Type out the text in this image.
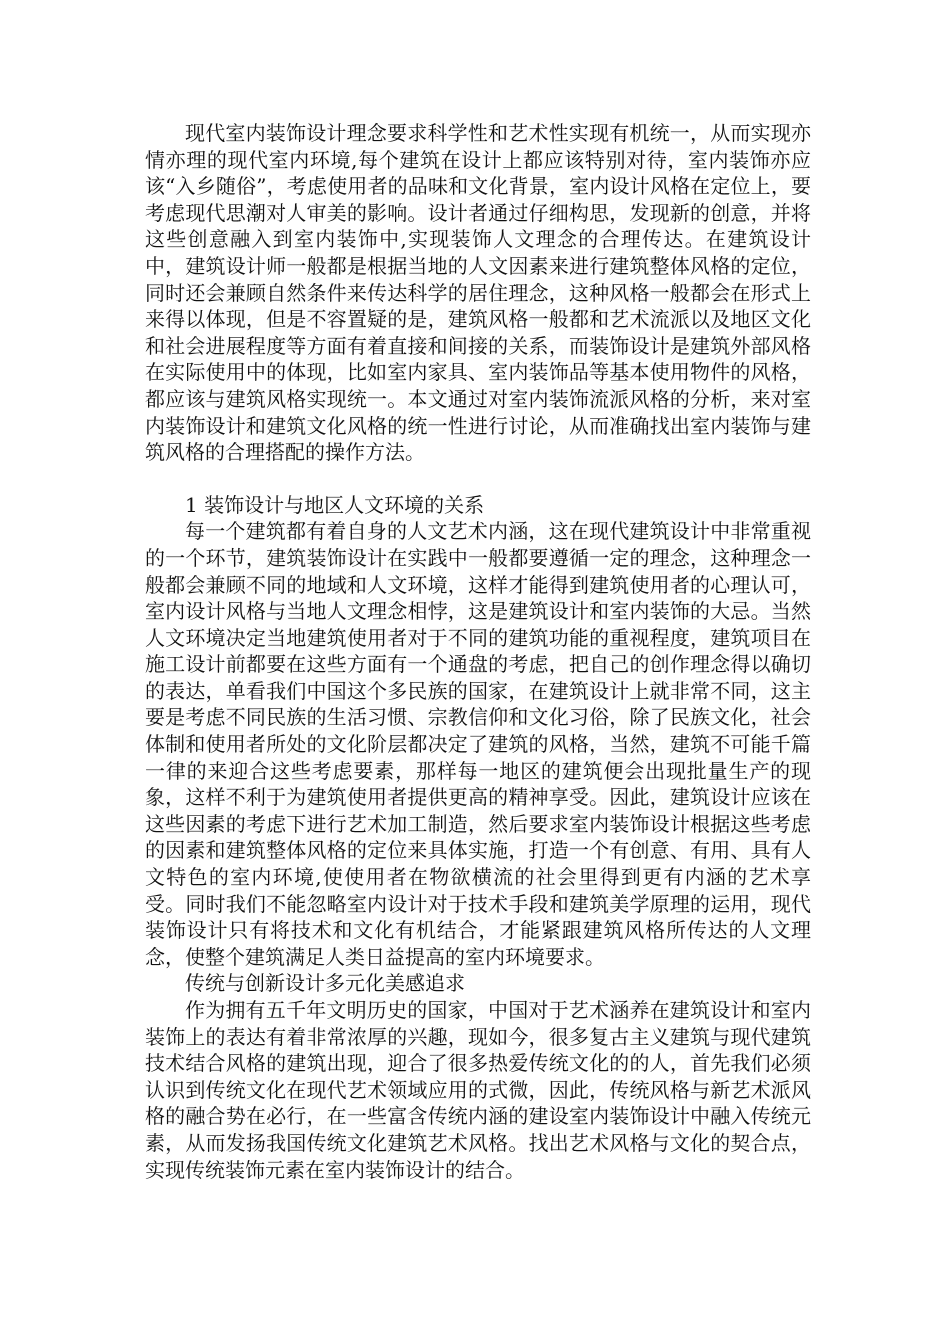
现代室内装饰设计理念要求科学性和艺术性实现有机统一，从而实现亦情亦理的现代室内环境,每个建筑在设计上都应该特别对待，室内装饰亦应该“入乡随俗”，考虑使用者的品味和文化背景，室内设计风格在定位上，要考虑现代思潮对人审美的影响。设计者通过仔细构思，发现新的创意，并将这些创意融入到室内装饰中,实现装饰人文理念的合理传达。在建筑设计中，建筑设计师一般都是根据当地的人文因素来进行建筑整体风格的定位，同时还会兼顾自然条件来传达科学的居住理念，这种风格一般都会在形式上来得以体现，但是不容置疑的是，建筑风格一般都和艺术流派以及地区文化和社会进展程度等方面有着直接和间接的关系，而装饰设计是建筑外部风格在实际使用中的体现，比如室内家具、室内装饰品等基本使用物件的风格，都应该与建筑风格实现统一。本文通过对室内装饰流派风格的分析，来对室内装饰设计和建筑文化风格的统一性进行讨论，从而准确找出室内装饰与建筑风格的合理搭配的操作方法。

1 装饰设计与地区人文环境的关系

每一个建筑都有着自身的人文艺术内涵，这在现代建筑设计中非常重视的一个环节，建筑装饰设计在实践中一般都要遵循一定的理念，这种理念一般都会兼顾不同的地域和人文环境，这样才能得到建筑使用者的心理认可，室内设计风格与当地人文理念相悖，这是建筑设计和室内装饰的大忌。当然人文环境决定当地建筑使用者对于不同的建筑功能的重视程度，建筑项目在施工设计前都要在这些方面有一个通盘的考虑，把自己的创作理念得以确切的表达，单看我们中国这个多民族的国家，在建筑设计上就非常不同，这主要是考虑不同民族的生活习惯、宗教信仰和文化习俗，除了民族文化，社会体制和使用者所处的文化阶层都决定了建筑的风格，当然，建筑不可能千篇一律的来迎合这些考虑要素，那样每一地区的建筑便会出现批量生产的现象，这样不利于为建筑使用者提供更高的精神享受。因此，建筑设计应该在这些因素的考虑下进行艺术加工制造，然后要求室内装饰设计根据这些考虑的因素和建筑整体风格的定位来具体实施，打造一个有创意、有用、具有人文特色的室内环境,使使用者在物欲横流的社会里得到更有内涵的艺术享受。同时我们不能忽略室内设计对于技术手段和建筑美学原理的运用，现代装饰设计只有将技术和文化有机结合，才能紧跟建筑风格所传达的人文理念，使整个建筑满足人类日益提高的室内环境要求。

传统与创新设计多元化美感追求

作为拥有五千年文明历史的国家，中国对于艺术涵养在建筑设计和室内装饰上的表达有着非常浓厚的兴趣，现如今，很多复古主义建筑与现代建筑技术结合风格的建筑出现，迎合了很多热爱传统文化的的人，首先我们必须认识到传统文化在现代艺术领域应用的式微，因此，传统风格与新艺术派风格的融合势在必行，在一些富含传统内涵的建设室内装饰设计中融入传统元素，从而发扬我国传统文化建筑艺术风格。找出艺术风格与文化的契合点，实现传统装饰元素在室内装饰设计的结合。
